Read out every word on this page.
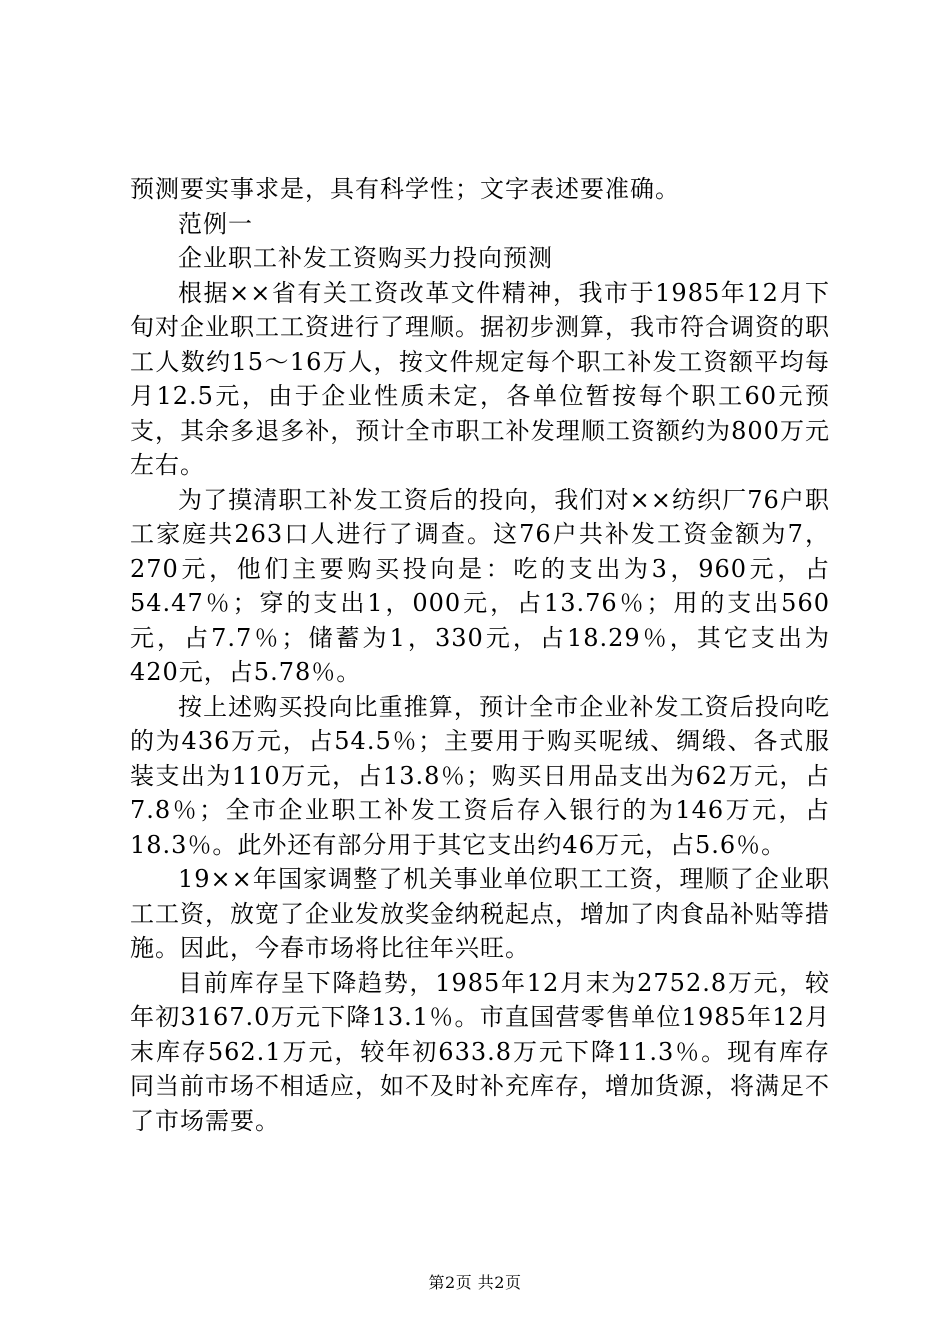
预测要实事求是，具有科学性；文字表述要准确。

范例一

企业职工补发工资购买力投向预测

根据××省有关工资改革文件精神，我市于1985年12月下旬对企业职工工资进行了理顺。据初步测算，我市符合调资的职工人数约15～16万人，按文件规定每个职工补发工资额平均每月12.5元，由于企业性质未定，各单位暂按每个职工60元预支，其余多退多补，预计全市职工补发理顺工资额约为800万元左右。

为了摸清职工补发工资后的投向，我们对××纺织厂76户职工家庭共263口人进行了调查。这76户共补发工资金额为7，270元，他们主要购买投向是：吃的支出为3，960元，占54.47％；穿的支出1，000元，占13.76％；用的支出560元，占7.7％；储蓄为1，330元，占18.29％，其它支出为420元，占5.78％。

按上述购买投向比重推算，预计全市企业补发工资后投向吃的为436万元，占54.5％；主要用于购买呢绒、绸缎、各式服装支出为110万元，占13.8％；购买日用品支出为62万元，占7.8％；全市企业职工补发工资后存入银行的为146万元，占18.3％。此外还有部分用于其它支出约46万元，占5.6％。

19××年国家调整了机关事业单位职工工资，理顺了企业职工工资，放宽了企业发放奖金纳税起点，增加了肉食品补贴等措施。因此，今春市场将比往年兴旺。

目前库存呈下降趋势，1985年12月末为2752.8万元，较年初3167.0万元下降13.1％。市直国营零售单位1985年12月末库存562.1万元，较年初633.8万元下降11.3％。现有库存同当前市场不相适应，如不及时补充库存，增加货源，将满足不了市场需要。

第2页 共2页
